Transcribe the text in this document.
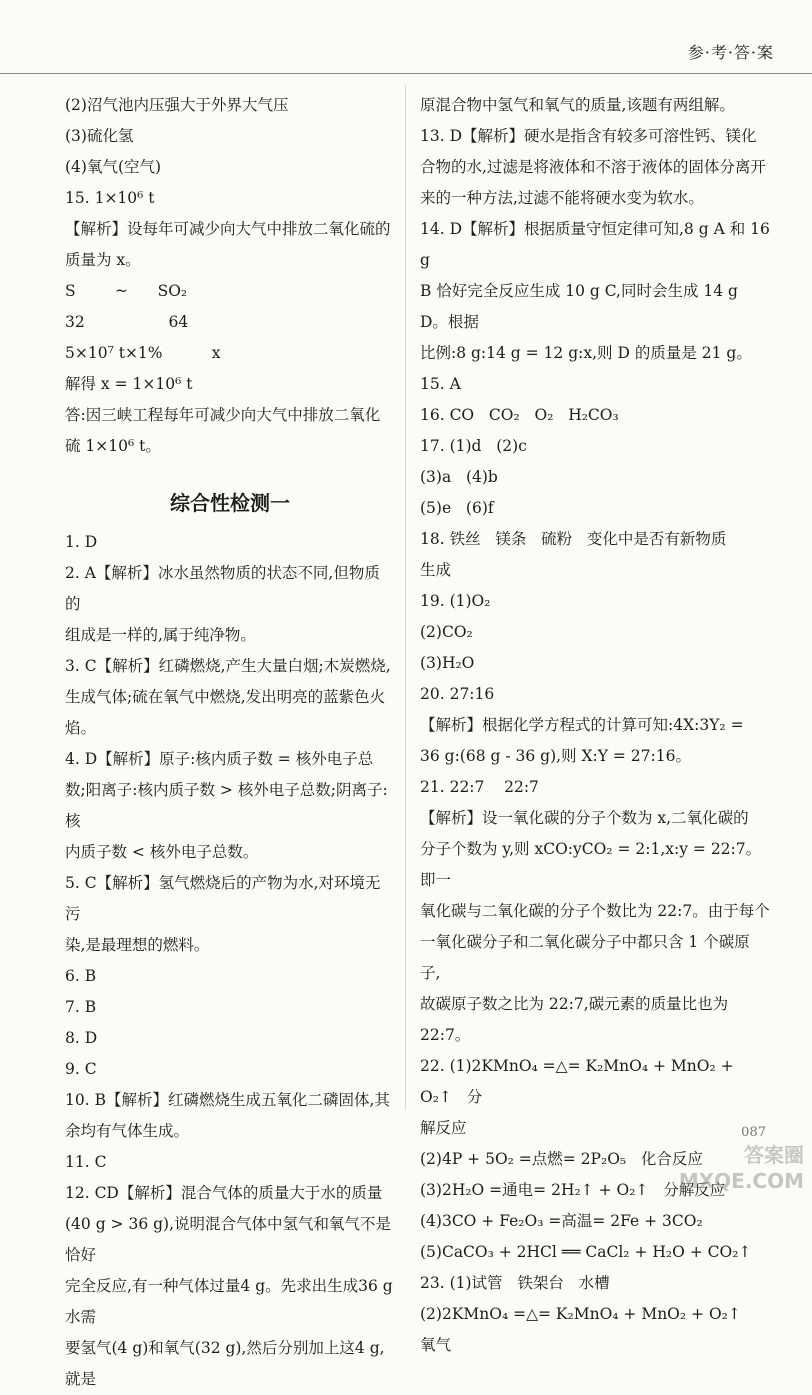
参·考·答·案

(2)沼气池内压强大于外界大气压

(3)硫化氢

(4)氧气(空气)

15. 1×10⁶ t

【解析】设每年可减少向大气中排放二氧化硫的

质量为 x。

S        ~      SO₂

32                 64

5×10⁷ t×1%          x

解得 x = 1×10⁶ t

答:因三峡工程每年可减少向大气中排放二氧化

硫 1×10⁶ t。

综合性检测一

1. D

2. A【解析】冰水虽然物质的状态不同,但物质的

组成是一样的,属于纯净物。

3. C【解析】红磷燃烧,产生大量白烟;木炭燃烧,

生成气体;硫在氧气中燃烧,发出明亮的蓝紫色火焰。

4. D【解析】原子:核内质子数 = 核外电子总

数;阳离子:核内质子数 > 核外电子总数;阴离子:核

内质子数 < 核外电子总数。

5. C【解析】氢气燃烧后的产物为水,对环境无污

染,是最理想的燃料。

6. B

7. B

8. D

9. C

10. B【解析】红磷燃烧生成五氧化二磷固体,其

余均有气体生成。

11. C

12. CD【解析】混合气体的质量大于水的质量

(40 g > 36 g),说明混合气体中氢气和氧气不是恰好

完全反应,有一种气体过量4 g。先求出生成36 g水需

要氢气(4 g)和氧气(32 g),然后分别加上这4 g,就是

原混合物中氢气和氧气的质量,该题有两组解。

13. D【解析】硬水是指含有较多可溶性钙、镁化

合物的水,过滤是将液体和不溶于液体的固体分离开

来的一种方法,过滤不能将硬水变为软水。

14. D【解析】根据质量守恒定律可知,8 g A 和 16 g

B 恰好完全反应生成 10 g C,同时会生成 14 g D。根据

比例:8 g:14 g = 12 g:x,则 D 的质量是 21 g。

15. A

16. CO   CO₂   O₂   H₂CO₃

17. (1)d   (2)c

(3)a   (4)b

(5)e   (6)f

18. 铁丝   镁条   硫粉   变化中是否有新物质

生成

19. (1)O₂

(2)CO₂

(3)H₂O

20. 27:16

【解析】根据化学方程式的计算可知:4X:3Y₂ =

36 g:(68 g - 36 g),则 X:Y = 27:16。

21. 22:7    22:7

【解析】设一氧化碳的分子个数为 x,二氧化碳的

分子个数为 y,则 xCO:yCO₂ = 2:1,x:y = 22:7。即一

氧化碳与二氧化碳的分子个数比为 22:7。由于每个

一氧化碳分子和二氧化碳分子中都只含 1 个碳原子,

故碳原子数之比为 22:7,碳元素的质量比也为 22:7。

22. (1)2KMnO₄ =△= K₂MnO₄ + MnO₂ + O₂↑   分

解反应

(2)4P + 5O₂ =点燃= 2P₂O₅   化合反应

(3)2H₂O =通电= 2H₂↑ + O₂↑   分解反应

(4)3CO + Fe₂O₃ =高温= 2Fe + 3CO₂

(5)CaCO₃ + 2HCl ══ CaCl₂ + H₂O + CO₂↑

23. (1)试管   铁架台   水槽

(2)2KMnO₄ =△= K₂MnO₄ + MnO₂ + O₂↑   氧气

087
答案圈
MXQE.COM
